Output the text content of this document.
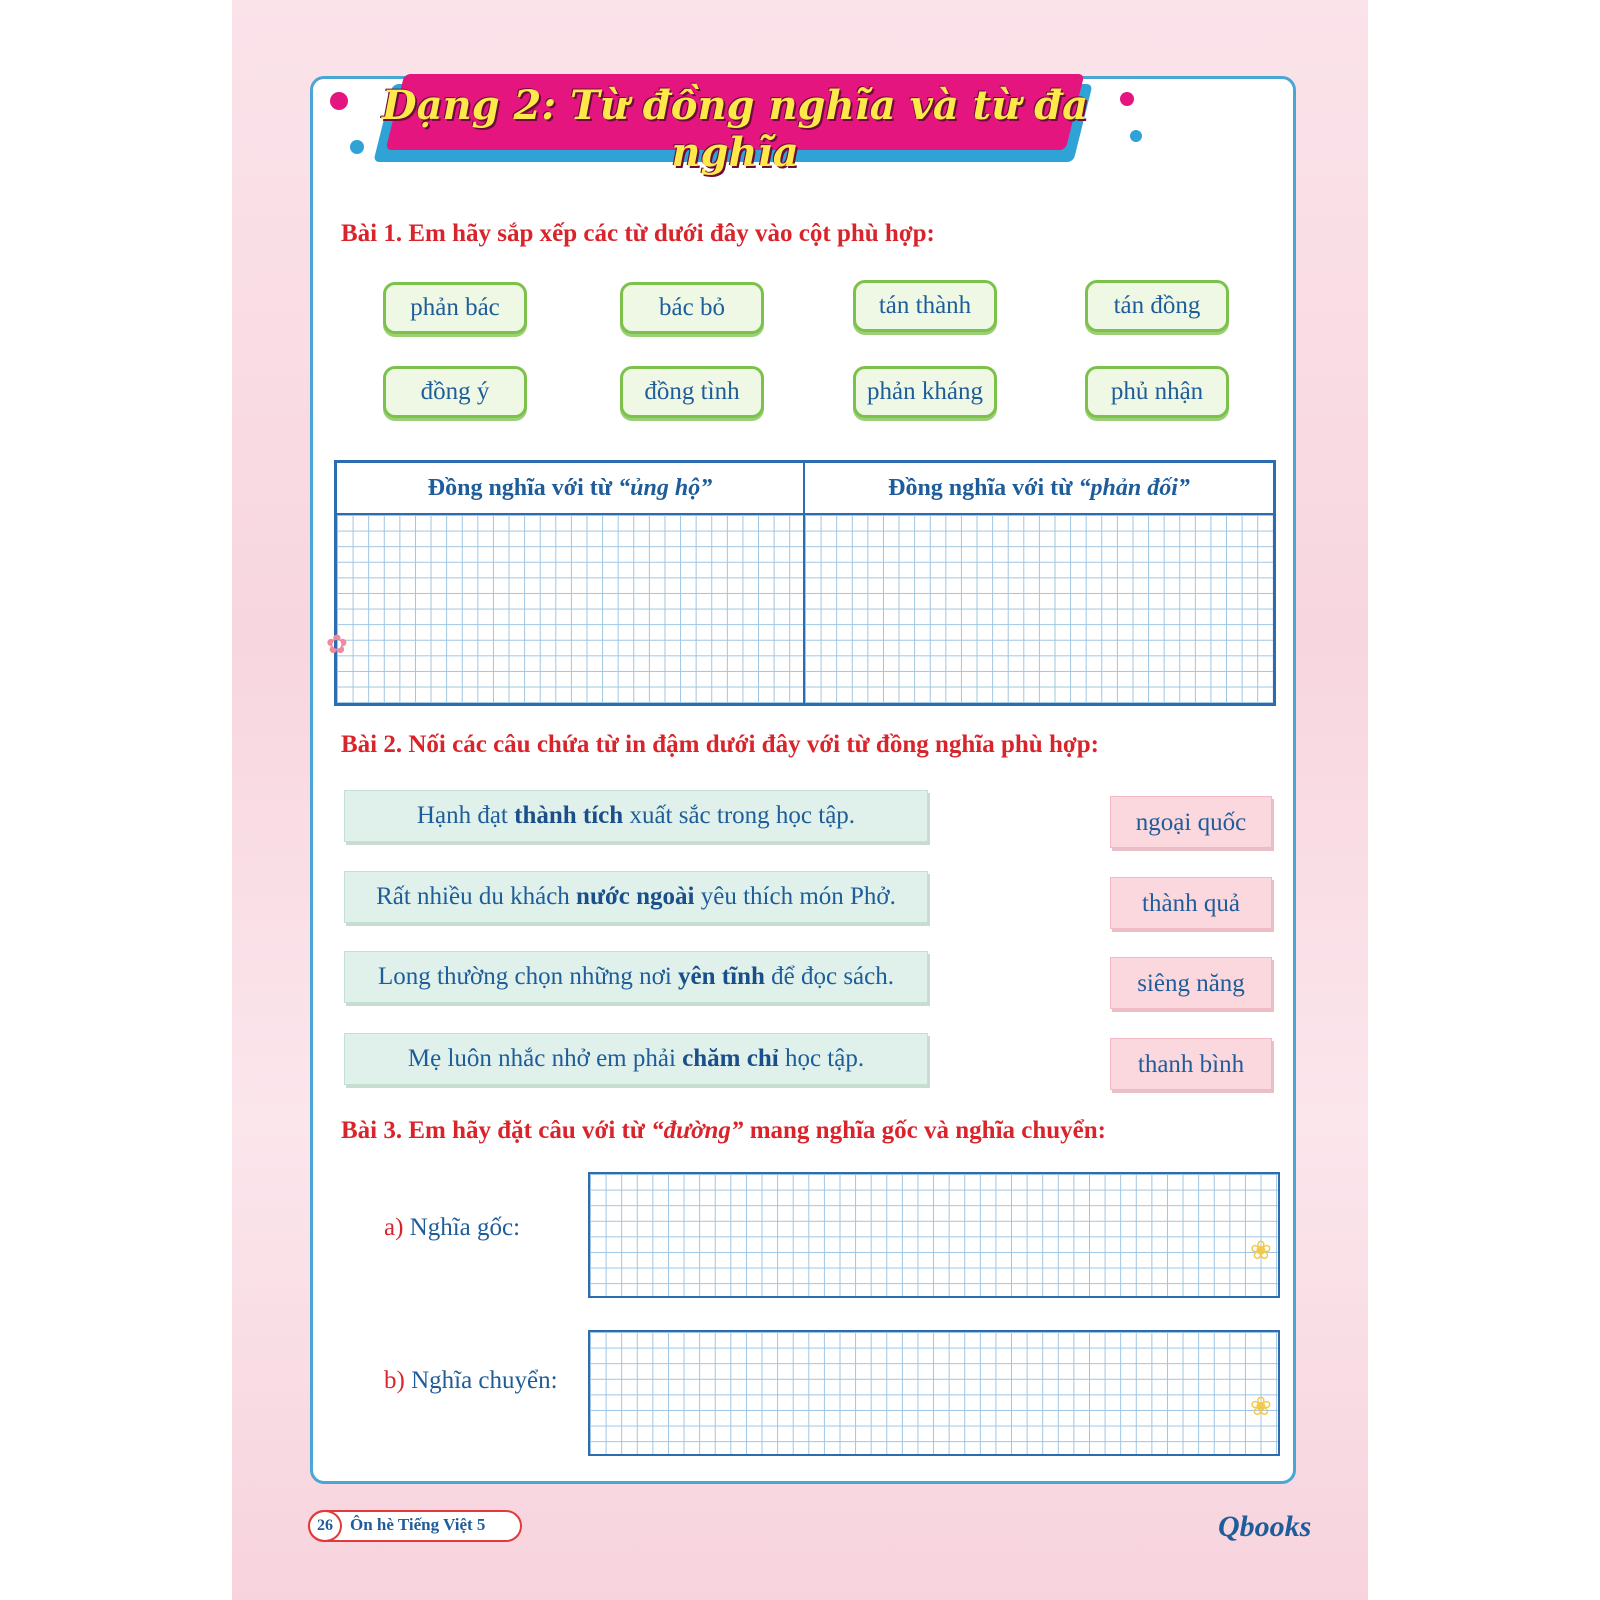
Dạng 2: Từ đồng nghĩa và từ đa nghĩa
Bài 1. Em hãy sắp xếp các từ dưới đây vào cột phù hợp:
phản bác	bác bỏ	tán thành	tán đồng
đồng ý	đồng tình	phản kháng	phủ nhận
Đồng nghĩa với từ “ủng hộ”	Đồng nghĩa với từ “phản đối”
✿
Bài 2. Nối các câu chứa từ in đậm dưới đây với từ đồng nghĩa phù hợp:
Hạnh đạt thành tích xuất sắc trong học tập.
Rất nhiều du khách nước ngoài yêu thích món Phở.
Long thường chọn những nơi yên tĩnh để đọc sách.
Mẹ luôn nhắc nhở em phải chăm chỉ học tập.
ngoại quốc
thành quả
siêng năng
thanh bình
Bài 3. Em hãy đặt câu với từ “đường” mang nghĩa gốc và nghĩa chuyển:
a) Nghĩa gốc:
b) Nghĩa chuyển:
❀
❀
26	Ôn hè Tiếng Việt 5	Qbooks
